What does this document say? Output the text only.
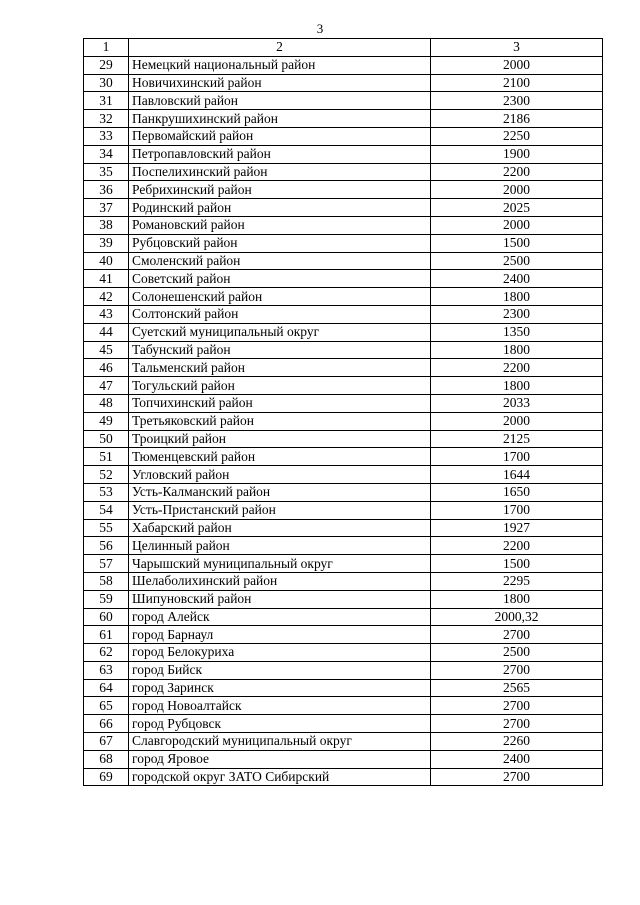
3
1	2	3
29	Немецкий национальный район	2000
30	Новичихинский район	2100
31	Павловский район	2300
32	Панкрушихинский район	2186
33	Первомайский район	2250
34	Петропавловский район	1900
35	Поспелихинский район	2200
36	Ребрихинский район	2000
37	Родинский район	2025
38	Романовский район	2000
39	Рубцовский район	1500
40	Смоленский район	2500
41	Советский район	2400
42	Солонешенский район	1800
43	Солтонский район	2300
44	Суетский муниципальный округ	1350
45	Табунский район	1800
46	Тальменский район	2200
47	Тогульский район	1800
48	Топчихинский район	2033
49	Третьяковский район	2000
50	Троицкий район	2125
51	Тюменцевский район	1700
52	Угловский район	1644
53	Усть-Калманский район	1650
54	Усть-Пристанский район	1700
55	Хабарский район	1927
56	Целинный район	2200
57	Чарышский муниципальный округ	1500
58	Шелаболихинский район	2295
59	Шипуновский район	1800
60	город Алейск	2000,32
61	город Барнаул	2700
62	город Белокуриха	2500
63	город Бийск	2700
64	город Заринск	2565
65	город Новоалтайск	2700
66	город Рубцовск	2700
67	Славгородский муниципальный округ	2260
68	город Яровое	2400
69	городской округ ЗАТО Сибирский	2700
